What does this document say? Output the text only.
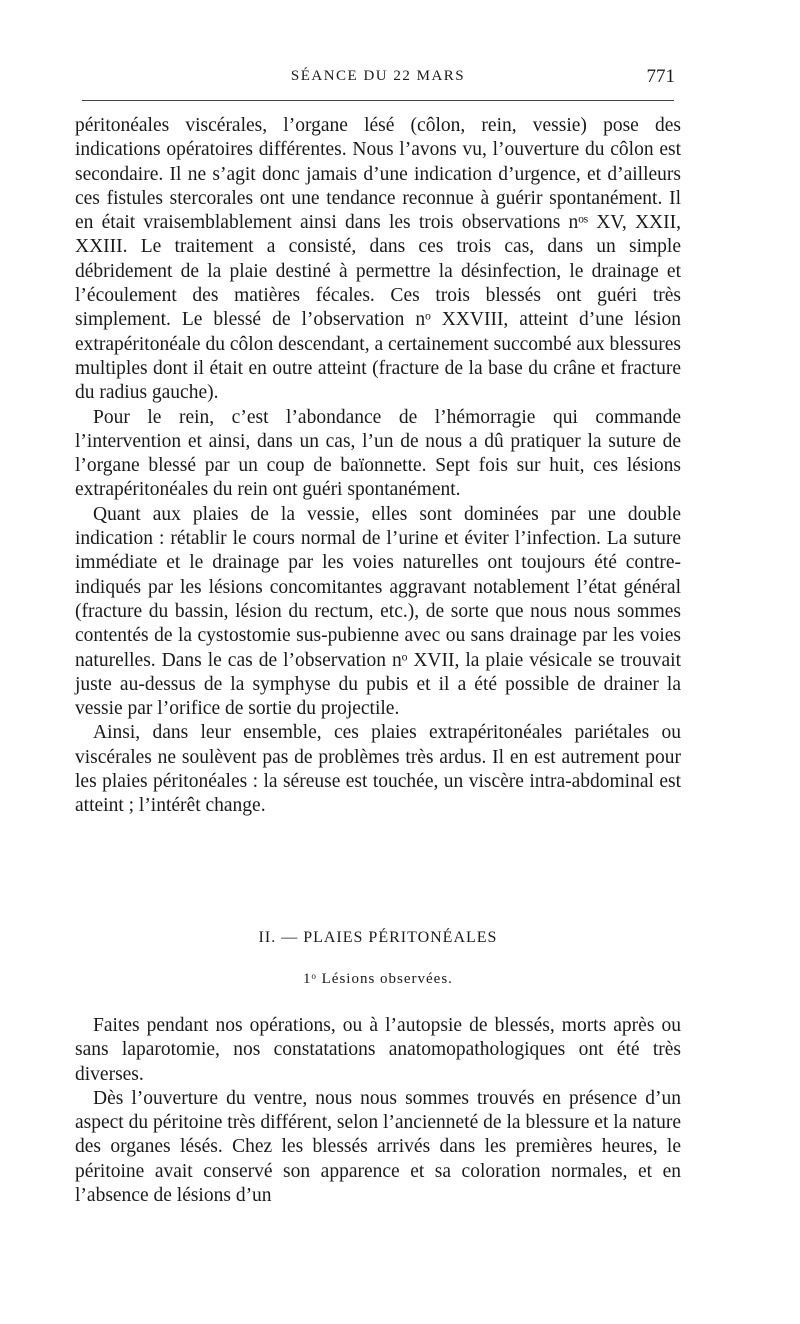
SÉANCE DU 22 MARS	771

péritonéales viscérales, l’organe lésé (côlon, rein, vessie) pose des indications opératoires différentes. Nous l’avons vu, l’ouverture du côlon est secondaire. Il ne s’agit donc jamais d’une indication d’urgence, et d’ailleurs ces fistules stercorales ont une tendance reconnue à guérir spontanément. Il en était vraisemblablement ainsi dans les trois observations nᵒˢ XV, XXII, XXIII. Le traitement a consisté, dans ces trois cas, dans un simple débridement de la plaie destiné à permettre la désinfection, le drainage et l’écoulement des matières fécales. Ces trois blessés ont guéri très simplement. Le blessé de l’observation nᵒ XXVIII, atteint d’une lésion extrapéritonéale du côlon descendant, a certainement succombé aux blessures multiples dont il était en outre atteint (fracture de la base du crâne et fracture du radius gauche).

Pour le rein, c’est l’abondance de l’hémorragie qui commande l’intervention et ainsi, dans un cas, l’un de nous a dû pratiquer la suture de l’organe blessé par un coup de baïonnette. Sept fois sur huit, ces lésions extrapéritonéales du rein ont guéri spontanément.

Quant aux plaies de la vessie, elles sont dominées par une double indication : rétablir le cours normal de l’urine et éviter l’infection. La suture immédiate et le drainage par les voies naturelles ont toujours été contre-indiqués par les lésions concomitantes aggravant notablement l’état général (fracture du bassin, lésion du rectum, etc.), de sorte que nous nous sommes contentés de la cystostomie sus-pubienne avec ou sans drainage par les voies naturelles. Dans le cas de l’observation nᵒ XVII, la plaie vésicale se trouvait juste au-dessus de la symphyse du pubis et il a été possible de drainer la vessie par l’orifice de sortie du projectile.

Ainsi, dans leur ensemble, ces plaies extrapéritonéales pariétales ou viscérales ne soulèvent pas de problèmes très ardus. Il en est autrement pour les plaies péritonéales : la séreuse est touchée, un viscère intra-abdominal est atteint ; l’intérêt change.

II. — PLAIES PÉRITONÉALES
1ᵒ Lésions observées.

Faites pendant nos opérations, ou à l’autopsie de blessés, morts après ou sans laparotomie, nos constatations anatomopathologiques ont été très diverses.

Dès l’ouverture du ventre, nous nous sommes trouvés en présence d’un aspect du péritoine très différent, selon l’ancienneté de la blessure et la nature des organes lésés. Chez les blessés arrivés dans les premières heures, le péritoine avait conservé son apparence et sa coloration normales, et en l’absence de lésions d’un
